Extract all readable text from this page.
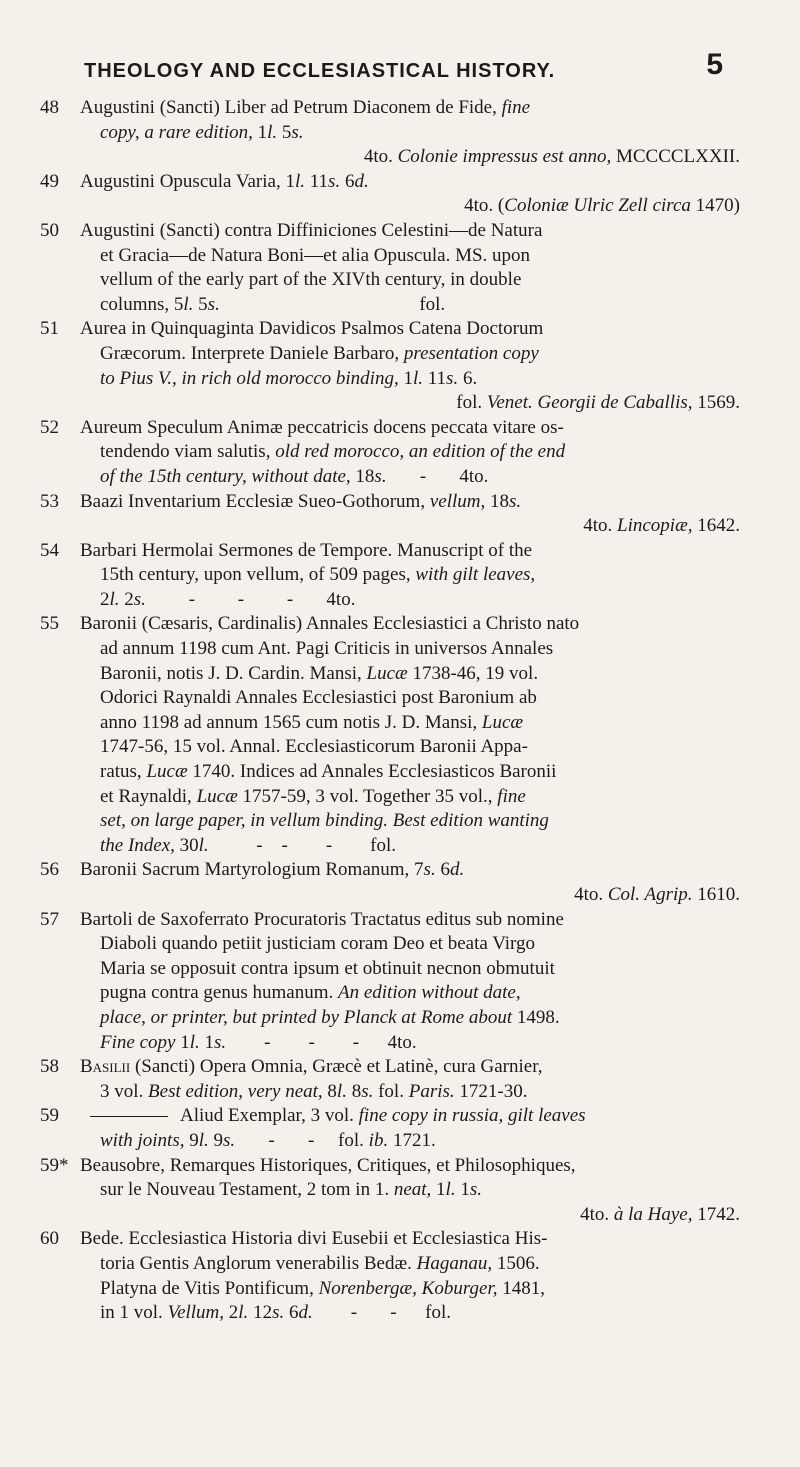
THEOLOGY AND ECCLESIASTICAL HISTORY.	5
48 Augustini (Sancti) Liber ad Petrum Diaconem de Fide, fine
copy, a rare edition, 1l. 5s.
4to. Colonie impressus est anno, MCCCCLXXII.
49 Augustini Opuscula Varia, 1l. 11s. 6d.
4to. (Coloniæ Ulric Zell circa 1470)
50 Augustini (Sancti) contra Diffiniciones Celestini—de Natura
et Gracia—de Natura Boni—et alia Opuscula. MS. upon
vellum of the early part of the XIVth century, in double
columns, 5l. 5s.                                          fol.
51 Aurea in Quinquaginta Davidicos Psalmos Catena Doctorum
Græcorum. Interprete Daniele Barbaro, presentation copy
to Pius V., in rich old morocco binding, 1l. 11s. 6.
fol. Venet. Georgii de Caballis, 1569.
52 Aureum Speculum Animæ peccatricis docens peccata vitare os-
tendendo viam salutis, old red morocco, an edition of the end
of the 15th century, without date, 18s.       -       4to.
53 Baazi Inventarium Ecclesiæ Sueo-Gothorum, vellum, 18s.
4to. Lincopiæ, 1642.
54 Barbari Hermolai Sermones de Tempore. Manuscript of the
15th century, upon vellum, of 509 pages, with gilt leaves,
2l. 2s.         -         -         -       4to.
55 Baronii (Cæsaris, Cardinalis) Annales Ecclesiastici a Christo nato
ad annum 1198 cum Ant. Pagi Criticis in universos Annales
Baronii, notis J. D. Cardin. Mansi, Lucæ 1738-46, 19 vol.
Odorici Raynaldi Annales Ecclesiastici post Baronium ab
anno 1198 ad annum 1565 cum notis J. D. Mansi, Lucæ
1747-56, 15 vol. Annal. Ecclesiasticorum Baronii Appa-
ratus, Lucæ 1740. Indices ad Annales Ecclesiasticos Baronii
et Raynaldi, Lucæ 1757-59, 3 vol. Together 35 vol., fine
set, on large paper, in vellum binding. Best edition wanting
the Index, 30l.          -    -        -        fol.
56 Baronii Sacrum Martyrologium Romanum, 7s. 6d.
4to. Col. Agrip. 1610.
57 Bartoli de Saxoferrato Procuratoris Tractatus editus sub nomine
Diaboli quando petiit justiciam coram Deo et beata Virgo
Maria se opposuit contra ipsum et obtinuit necnon obmutuit
pugna contra genus humanum. An edition without date,
place, or printer, but printed by Planck at Rome about 1498.
Fine copy 1l. 1s.        -        -        -      4to.
58 Basilii (Sancti) Opera Omnia, Græcè et Latinè, cura Garnier,
3 vol. Best edition, very neat, 8l. 8s. fol. Paris. 1721-30.
59	Aliud Exemplar, 3 vol. fine copy in russia, gilt leaves
with joints, 9l. 9s.       -       -     fol. ib. 1721.
59* Beausobre, Remarques Historiques, Critiques, et Philosophiques,
sur le Nouveau Testament, 2 tom in 1. neat, 1l. 1s.
4to. à la Haye, 1742.
60 Bede. Ecclesiastica Historia divi Eusebii et Ecclesiastica His-
toria Gentis Anglorum venerabilis Bedæ. Haganau, 1506.
Platyna de Vitis Pontificum, Norenbergæ, Koburger, 1481,
in 1 vol. Vellum, 2l. 12s. 6d.        -       -      fol.
